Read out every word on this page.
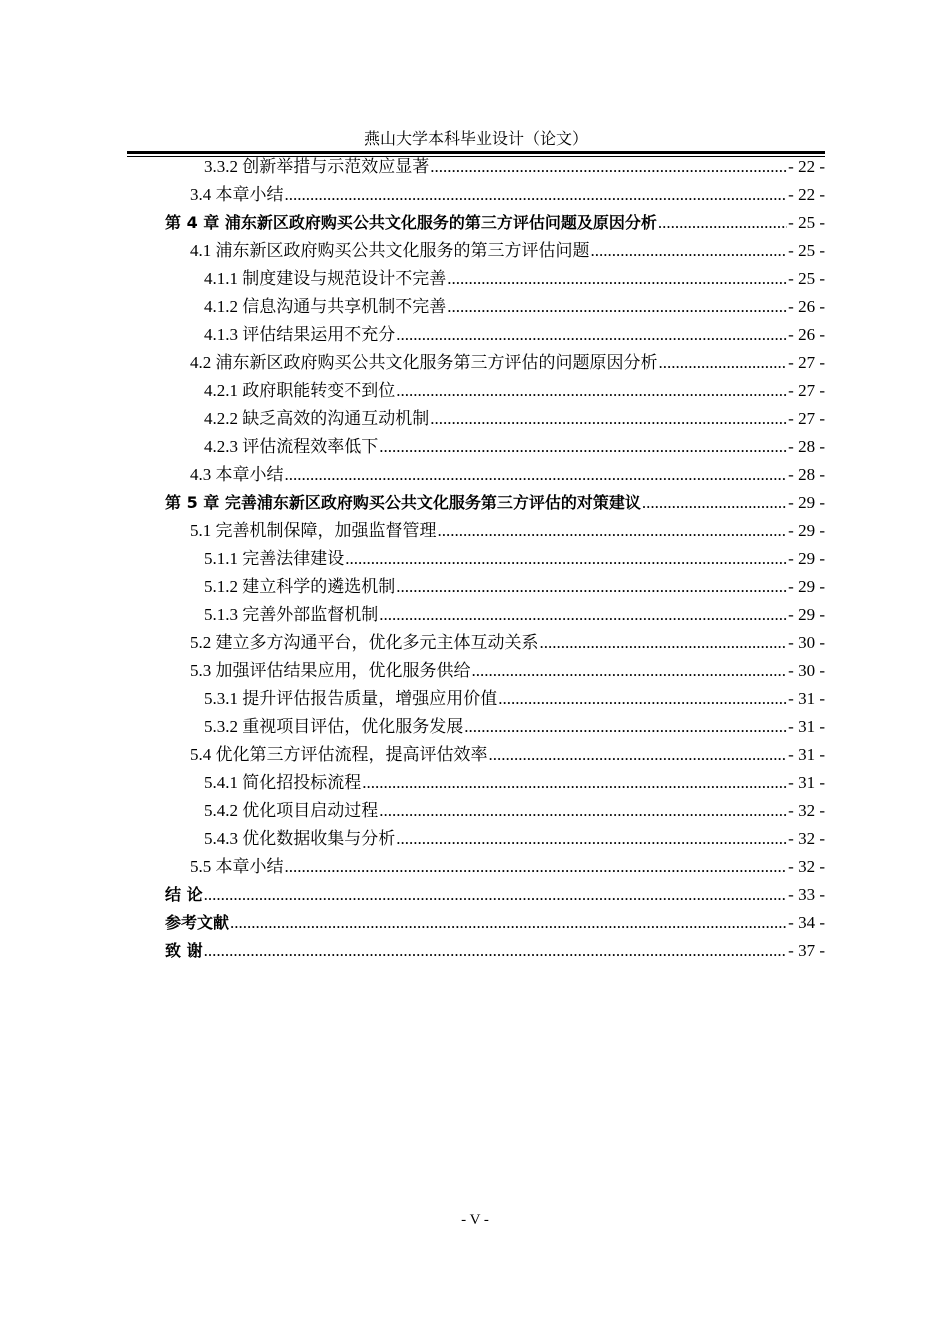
燕山大学本科毕业设计（论文）
3.3.2 创新举措与示范效应显著 .....	- 22 -
3.4 本章小结 .....	- 22 -
第 4 章 浦东新区政府购买公共文化服务的第三方评估问题及原因分析 .....	- 25 -
4.1 浦东新区政府购买公共文化服务的第三方评估问题 .....	- 25 -
4.1.1 制度建设与规范设计不完善 .....	- 25 -
4.1.2 信息沟通与共享机制不完善 .....	- 26 -
4.1.3 评估结果运用不充分 .....	- 26 -
4.2 浦东新区政府购买公共文化服务第三方评估的问题原因分析 .....	- 27 -
4.2.1 政府职能转变不到位 .....	- 27 -
4.2.2 缺乏高效的沟通互动机制 .....	- 27 -
4.2.3 评估流程效率低下 .....	- 28 -
4.3 本章小结 .....	- 28 -
第 5 章 完善浦东新区政府购买公共文化服务第三方评估的对策建议 .....	- 29 -
5.1 完善机制保障，加强监督管理 .....	- 29 -
5.1.1 完善法律建设 .....	- 29 -
5.1.2 建立科学的遴选机制 .....	- 29 -
5.1.3 完善外部监督机制 .....	- 29 -
5.2 建立多方沟通平台，优化多元主体互动关系 .....	- 30 -
5.3 加强评估结果应用，优化服务供给 .....	- 30 -
5.3.1 提升评估报告质量，增强应用价值 .....	- 31 -
5.3.2 重视项目评估，优化服务发展 .....	- 31 -
5.4 优化第三方评估流程，提高评估效率 .....	- 31 -
5.4.1 简化招投标流程 .....	- 31 -
5.4.2 优化项目启动过程 .....	- 32 -
5.4.3 优化数据收集与分析 .....	- 32 -
5.5 本章小结 .....	- 32 -
结 论 .....	- 33 -
参考文献 .....	- 34 -
致 谢 .....	- 37 -
- V -
